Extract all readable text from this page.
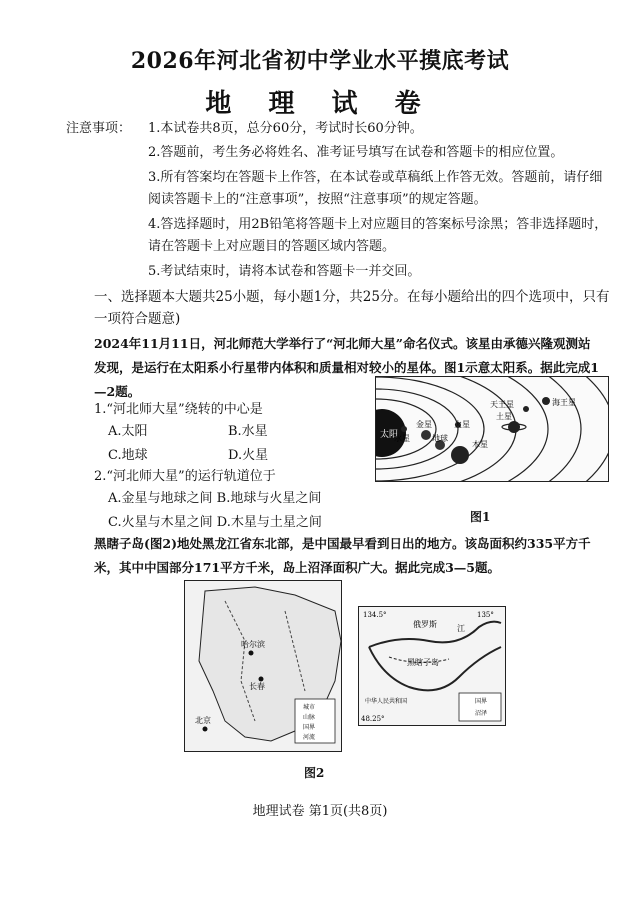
2026年河北省初中学业水平摸底考试
地 理 试 卷
注意事项： 1.本试卷共8页，总分60分，考试时长60分钟。
2.答题前，考生务必将姓名、准考证号填写在试卷和答题卡的相应位置。
3.所有答案均在答题卡上作答，在本试卷或草稿纸上作答无效。答题前，请仔细阅读答题卡上的“注意事项”，按照“注意事项”的规定答题。
4.答选择题时，用2B铅笔将答题卡上对应题目的答案标号涂黑；答非选择题时，请在答题卡上对应题目的答题区域内答题。
5.考试结束时，请将本试卷和答题卡一并交回。
一、选择题本大题共25小题，每小题1分，共25分。在每小题给出的四个选项中，只有一项符合题意)
2024年11月11日，河北师范大学举行了“河北师大星”命名仪式。该星由承德兴隆观测站发现，是运行在太阳系小行星带内体积和质量相对较小的星体。图1示意太阳系。据此完成1—2题。
1.“河北师大星”绕转的中心是
A.太阳	B.水星
C.地球	D.火星
2.“河北师大星”的运行轨道位于
A.金星与地球之间 B.地球与火星之间
C.火星与木星之间 D.木星与土星之间
太阳
水星
金星
地球
火星
木星
土星
天王星	海王星
图1
黑瞎子岛(图2)地处黑龙江省东北部，是中国最早看到日出的地方。该岛面积约335平方千米，其中中国部分171平方千米，岛上沼泽面积广大。据此完成3—5题。
哈尔滨
长春
北京
城市
山脉
国界
河流
134.5°	135°
48.25°
俄罗斯	江
黑瞎子岛
中华人民共和国	国界
沼泽
图2
地理试卷 第1页(共8页)
